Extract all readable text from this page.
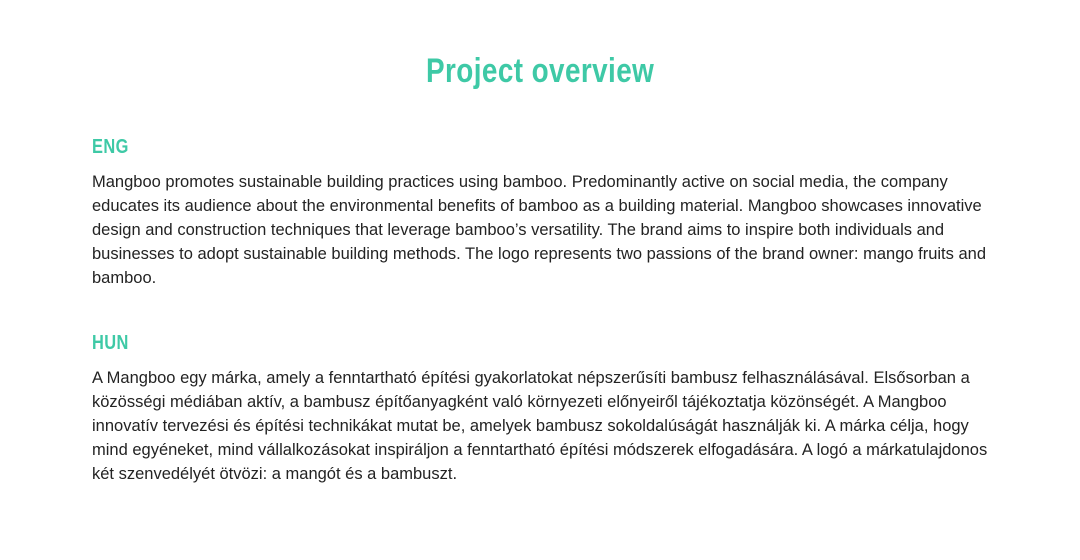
Project overview
ENG

Mangboo promotes sustainable building practices using bamboo. Predominantly active on social media, the company educates its audience about the environmental benefits of bamboo as a building material. Mangboo showcases innovative design and construction techniques that leverage bamboo’s versatility. The brand aims to inspire both individuals and businesses to adopt sustainable building methods. The logo represents two passions of the brand owner: mango fruits and bamboo.

HUN

A Mangboo egy márka, amely a fenntartható építési gyakorlatokat népszerűsíti bambusz felhasználásával. Elsősorban a közösségi médiában aktív, a bambusz építőanyagként való környezeti előnyeiről tájékoztatja közönségét. A Mangboo innovatív tervezési és építési technikákat mutat be, amelyek bambusz sokoldalúságát használják ki. A márka célja, hogy mind egyéneket, mind vállalkozásokat inspiráljon a fenntartható építési módszerek elfogadására. A logó a márkatulajdonos két szenvedélyét ötvözi: a mangót és a bambuszt.
